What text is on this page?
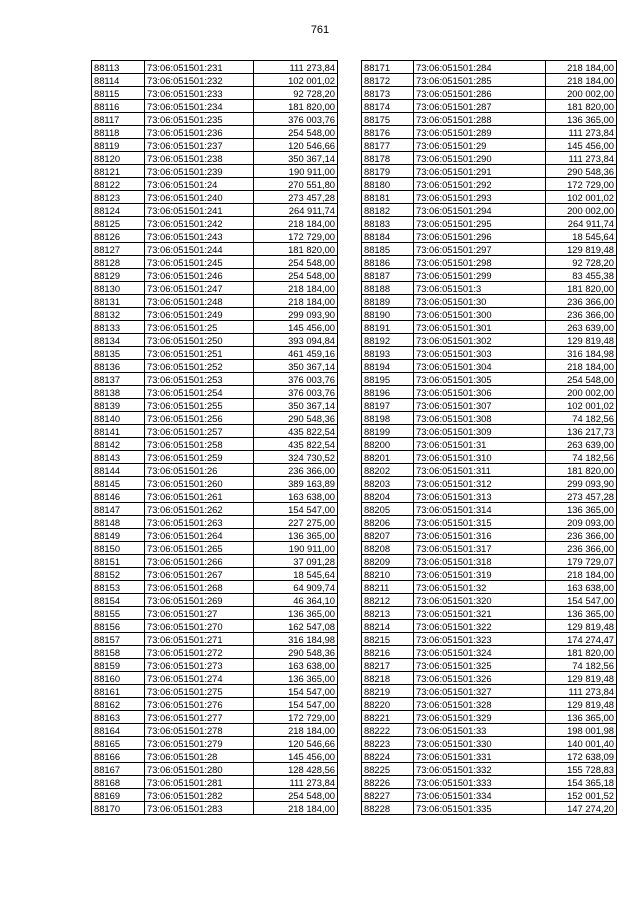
761
88113	73:06:051501:231	111 273,84
88114	73:06:051501:232	102 001,02
88115	73:06:051501:233	92 728,20
88116	73:06:051501:234	181 820,00
88117	73:06:051501:235	376 003,76
88118	73:06:051501:236	254 548,00
88119	73:06:051501:237	120 546,66
88120	73:06:051501:238	350 367,14
88121	73:06:051501:239	190 911,00
88122	73:06:051501:24	270 551,80
88123	73:06:051501:240	273 457,28
88124	73:06:051501:241	264 911,74
88125	73:06:051501:242	218 184,00
88126	73:06:051501:243	172 729,00
88127	73:06:051501:244	181 820,00
88128	73:06:051501:245	254 548,00
88129	73:06:051501:246	254 548,00
88130	73:06:051501:247	218 184,00
88131	73:06:051501:248	218 184,00
88132	73:06:051501:249	299 093,90
88133	73:06:051501:25	145 456,00
88134	73:06:051501:250	393 094,84
88135	73:06:051501:251	461 459,16
88136	73:06:051501:252	350 367,14
88137	73:06:051501:253	376 003,76
88138	73:06:051501:254	376 003,76
88139	73:06:051501:255	350 367,14
88140	73:06:051501:256	290 548,36
88141	73:06:051501:257	435 822,54
88142	73:06:051501:258	435 822,54
88143	73:06:051501:259	324 730,52
88144	73:06:051501:26	236 366,00
88145	73:06:051501:260	389 163,89
88146	73:06:051501:261	163 638,00
88147	73:06:051501:262	154 547,00
88148	73:06:051501:263	227 275,00
88149	73:06:051501:264	136 365,00
88150	73:06:051501:265	190 911,00
88151	73:06:051501:266	37 091,28
88152	73:06:051501:267	18 545,64
88153	73:06:051501:268	64 909,74
88154	73:06:051501:269	46 364,10
88155	73:06:051501:27	136 365,00
88156	73:06:051501:270	162 547,08
88157	73:06:051501:271	316 184,98
88158	73:06:051501:272	290 548,36
88159	73:06:051501:273	163 638,00
88160	73:06:051501:274	136 365,00
88161	73:06:051501:275	154 547,00
88162	73:06:051501:276	154 547,00
88163	73:06:051501:277	172 729,00
88164	73:06:051501:278	218 184,00
88165	73:06:051501:279	120 546,66
88166	73:06:051501:28	145 456,00
88167	73:06:051501:280	128 428,56
88168	73:06:051501:281	111 273,84
88169	73:06:051501:282	254 548,00
88170	73:06:051501:283	218 184,00
88171	73:06:051501:284	218 184,00
88172	73:06:051501:285	218 184,00
88173	73:06:051501:286	200 002,00
88174	73:06:051501:287	181 820,00
88175	73:06:051501:288	136 365,00
88176	73:06:051501:289	111 273,84
88177	73:06:051501:29	145 456,00
88178	73:06:051501:290	111 273,84
88179	73:06:051501:291	290 548,36
88180	73:06:051501:292	172 729,00
88181	73:06:051501:293	102 001,02
88182	73:06:051501:294	200 002,00
88183	73:06:051501:295	264 911,74
88184	73:06:051501:296	18 545,64
88185	73:06:051501:297	129 819,48
88186	73:06:051501:298	92 728,20
88187	73:06:051501:299	83 455,38
88188	73:06:051501:3	181 820,00
88189	73:06:051501:30	236 366,00
88190	73:06:051501:300	236 366,00
88191	73:06:051501:301	263 639,00
88192	73:06:051501:302	129 819,48
88193	73:06:051501:303	316 184,98
88194	73:06:051501:304	218 184,00
88195	73:06:051501:305	254 548,00
88196	73:06:051501:306	200 002,00
88197	73:06:051501:307	102 001,02
88198	73:06:051501:308	74 182,56
88199	73:06:051501:309	136 217,73
88200	73:06:051501:31	263 639,00
88201	73:06:051501:310	74 182,56
88202	73:06:051501:311	181 820,00
88203	73:06:051501:312	299 093,90
88204	73:06:051501:313	273 457,28
88205	73:06:051501:314	136 365,00
88206	73:06:051501:315	209 093,00
88207	73:06:051501:316	236 366,00
88208	73:06:051501:317	236 366,00
88209	73:06:051501:318	179 729,07
88210	73:06:051501:319	218 184,00
88211	73:06:051501:32	163 638,00
88212	73:06:051501:320	154 547,00
88213	73:06:051501:321	136 365,00
88214	73:06:051501:322	129 819,48
88215	73:06:051501:323	174 274,47
88216	73:06:051501:324	181 820,00
88217	73:06:051501:325	74 182,56
88218	73:06:051501:326	129 819,48
88219	73:06:051501:327	111 273,84
88220	73:06:051501:328	129 819,48
88221	73:06:051501:329	136 365,00
88222	73:06:051501:33	198 001,98
88223	73:06:051501:330	140 001,40
88224	73:06:051501:331	172 638,09
88225	73:06:051501:332	155 728,83
88226	73:06:051501:333	154 365,18
88227	73:06:051501:334	152 001,52
88228	73:06:051501:335	147 274,20
